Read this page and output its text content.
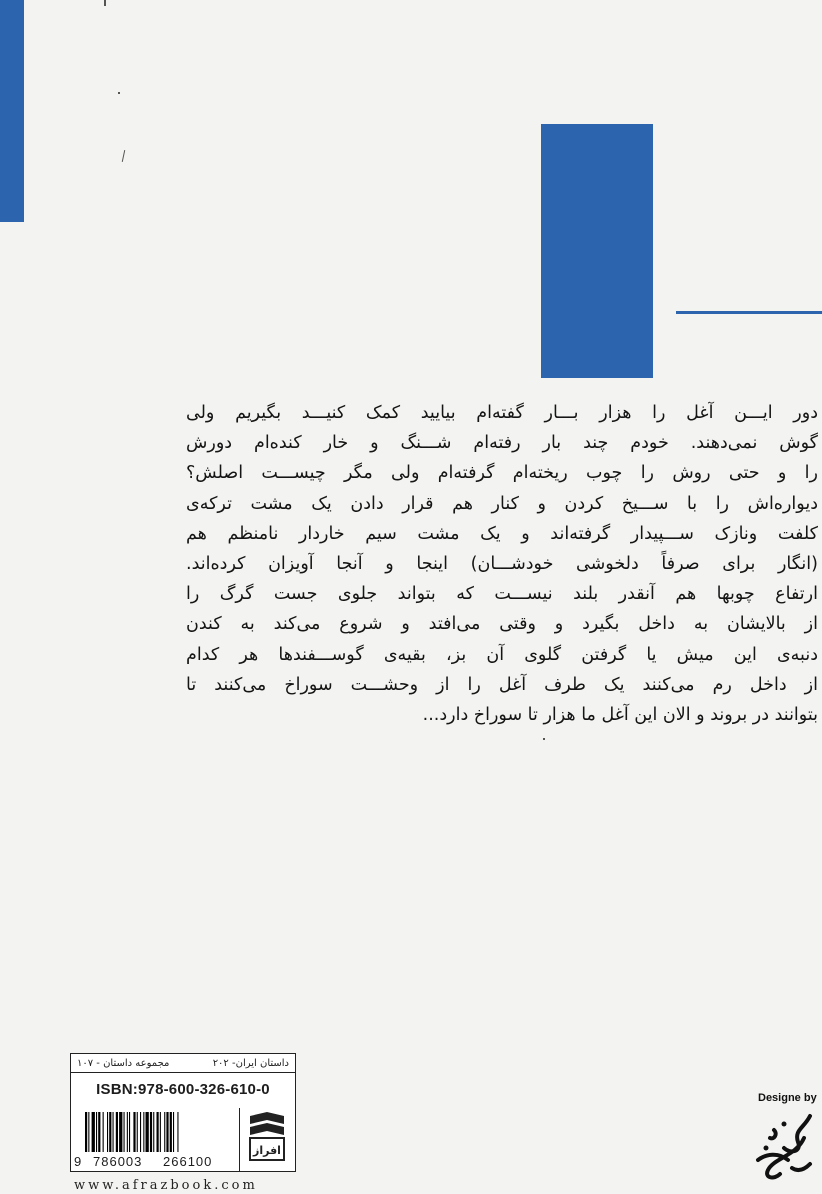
دور ایـــن آغل را هزار بـــار گفته‌ام بیایید کمک کنیـــد بگیریم ولی
گوش نمی‌دهند. خودم چند بار رفته‌ام شـــنگ و خار کنده‌ام دورش
را و حتی روش را چوب ریخته‌ام گرفته‌ام ولی مگر چیســـت اصلش؟
دیواره‌اش را با ســـیخ کردن و کنار هم قرار دادن یک مشت ترکه‌ی
کلفت ونازک ســـپیدار گرفته‌اند و یک مشت سیم خاردار نامنظم هم
(انگار برای صرفاً دلخوشی خودشـــان) اینجا و آنجا آویزان کرده‌اند.
ارتفاع چوبها هم آنقدر بلند نیســـت که بتواند جلوی جست گرگ را
از بالایشان به داخل بگیرد و وقتی می‌افتد و شروع می‌کند به کندن
دنبه‌ی این میش یا گرفتن گلوی آن بز، بقیه‌ی گوســـفندها هر کدام
از داخل رم می‌کنند یک طرف آغل را از وحشـــت سوراخ می‌کنند تا
بتوانند در بروند و الان این آغل ما هزار تا سوراخ دارد...
داستان ایران- ۲۰۲
مجموعه داستان - ۱۰۷
ISBN:978-600-326-610-0
9 786003 266100
افراز
www.afrazbook.com
Designe by
